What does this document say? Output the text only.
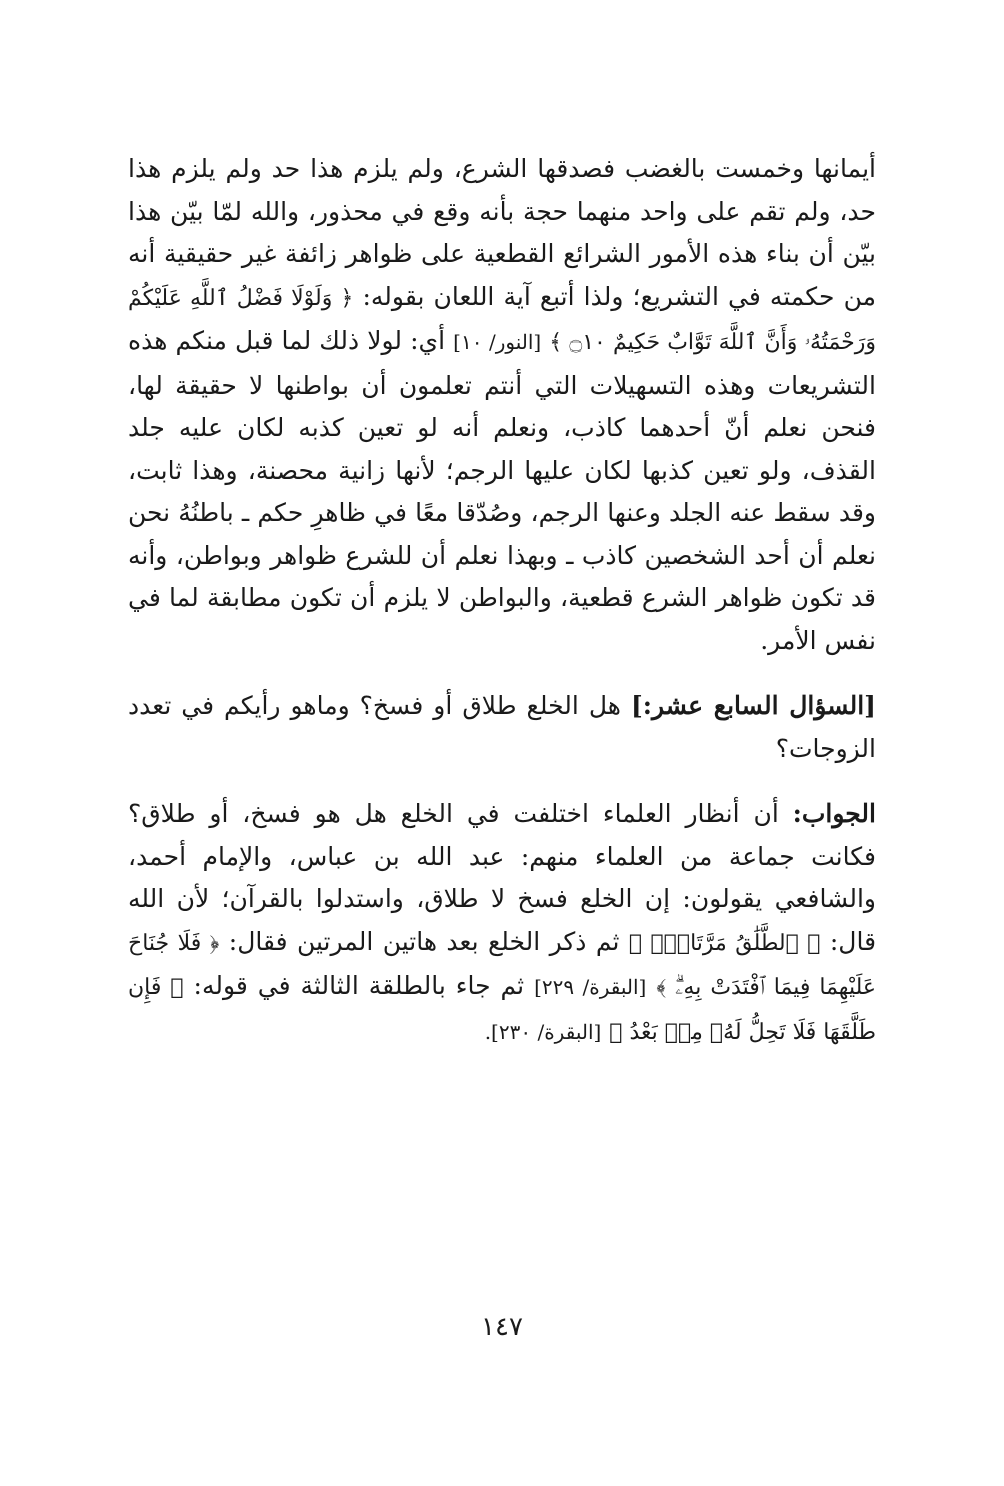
أيمانها وخمست بالغضب فصدقها الشرع، ولم يلزم هذا حد ولم يلزم هذا حد، ولم تقم على واحد منهما حجة بأنه وقع في محذور، والله لمّا بيّن هذا بيّن أن بناء هذه الأمور الشرائع القطعية على ظواهر زائفة غير حقيقية أنه من حكمته في التشريع؛ ولذا أتبع آية اللعان بقوله: ﴿ وَلَوْلَا فَضْلُ ٱللَّهِ عَلَيْكُمْ وَرَحْمَتُهُۥ وَأَنَّ ٱللَّهَ تَوَّابٌ حَكِيمٌ ۝١٠ ﴾ [النور/ ١٠] أي: لولا ذلك لما قبل منكم هذه التشريعات وهذه التسهيلات التي أنتم تعلمون أن بواطنها لا حقيقة لها، فنحن نعلم أنّ أحدهما كاذب، ونعلم أنه لو تعين كذبه لكان عليه جلد القذف، ولو تعين كذبها لكان عليها الرجم؛ لأنها زانية محصنة، وهذا ثابت، وقد سقط عنه الجلد وعنها الرجم، وصُدّقا معًا في ظاهرِ حكم ـ باطنُهُ نحن نعلم أن أحد الشخصين كاذب ـ وبهذا نعلم أن للشرع ظواهر وبواطن، وأنه قد تكون ظواهر الشرع قطعية، والبواطن لا يلزم أن تكون مطابقة لما في نفس الأمر.

[السؤال السابع عشر:] هل الخلع طلاق أو فسخ؟ وماهو رأيكم في تعدد الزوجات؟

الجواب: أن أنظار العلماء اختلفت في الخلع هل هو فسخ، أو طلاق؟ فكانت جماعة من العلماء منهم: عبد الله بن عباس، والإمام أحمد، والشافعي يقولون: إن الخلع فسخ لا طلاق، واستدلوا بالقرآن؛ لأن الله قال: ﴿ ٱلطَّلَٰقُ مَرَّتَانِۖ ﴾ ثم ذكر الخلع بعد هاتين المرتين فقال: ﴿ فَلَا جُنَاحَ عَلَيْهِمَا فِيمَا ٱفْتَدَتْ بِهِۦۗ ﴾ [البقرة/ ٢٢٩] ثم جاء بالطلقة الثالثة في قوله: ﴿ فَإِن طَلَّقَهَا فَلَا تَحِلُّ لَهُۥ مِنۢ بَعْدُ ﴾ [البقرة/ ٢٣٠].

١٤٧
